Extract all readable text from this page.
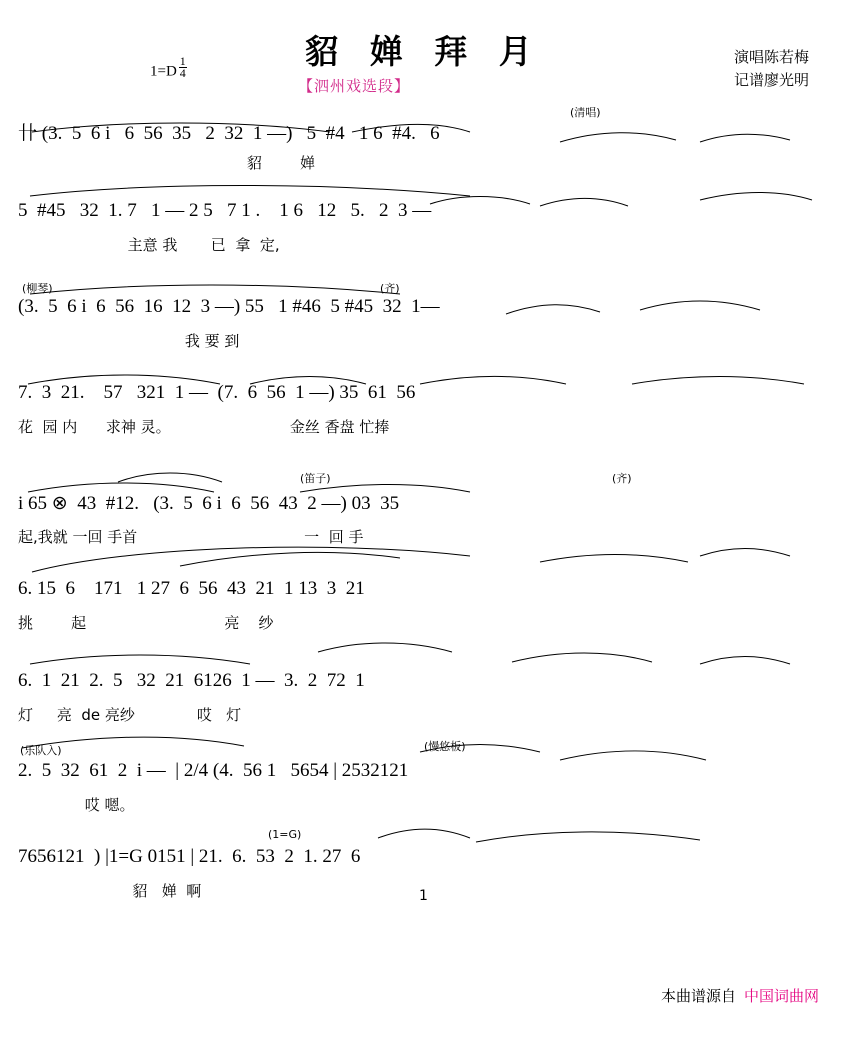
貂 婵 拜 月
$1=D \frac{1}{4}$
【泗州戏选段】
演唱陈若梅
记谱廖光明
(清唱)
卄 (3.  5  6 i   6  56  35   2  32  1 —)   5  #4   1 6  #4.   6
貂        婵
5  #45   32  1. 7   1 — 2 5   7 1 .    1 6   12   5.   2  3 —
主意 我       已  拿  定,
(柳琴)	(齐)
(3.  5  6 i  6  56  16  12  3 —) 55   1 #46  5 #45  32  1—
我 要 到
7.  3  21.    57   321  1 —  (7.  6  56  1 —) 35  61  56
花  园 内      求神 灵。                         金丝 香盘 忙捧
(笛子)	(齐)
i 65 ⊗  43  #12.   (3.  5  6 i  6  56  43  2 —) 03  35
起,我就 一回 手首                                   一  回 手
6. 15  6    171   1 27  6  56  43  21  1 13  3  21
挑        起                             亮    纱
6.  1  21  2.  5   32  21  6126  1 —  3.  2  72  1
灯     亮  de 亮纱             哎   灯
(乐队入)	(慢悠板)
2.  5  32  61  2  i —  | 2/4 (4.  56 1   5654 | 2532121
哎 嗯。
(1=G)
7656121  ) |1=G 0151 | 21.  6.  53  2  1. 27  6
貂   婵  啊	1
本曲谱源自 中国词曲网
